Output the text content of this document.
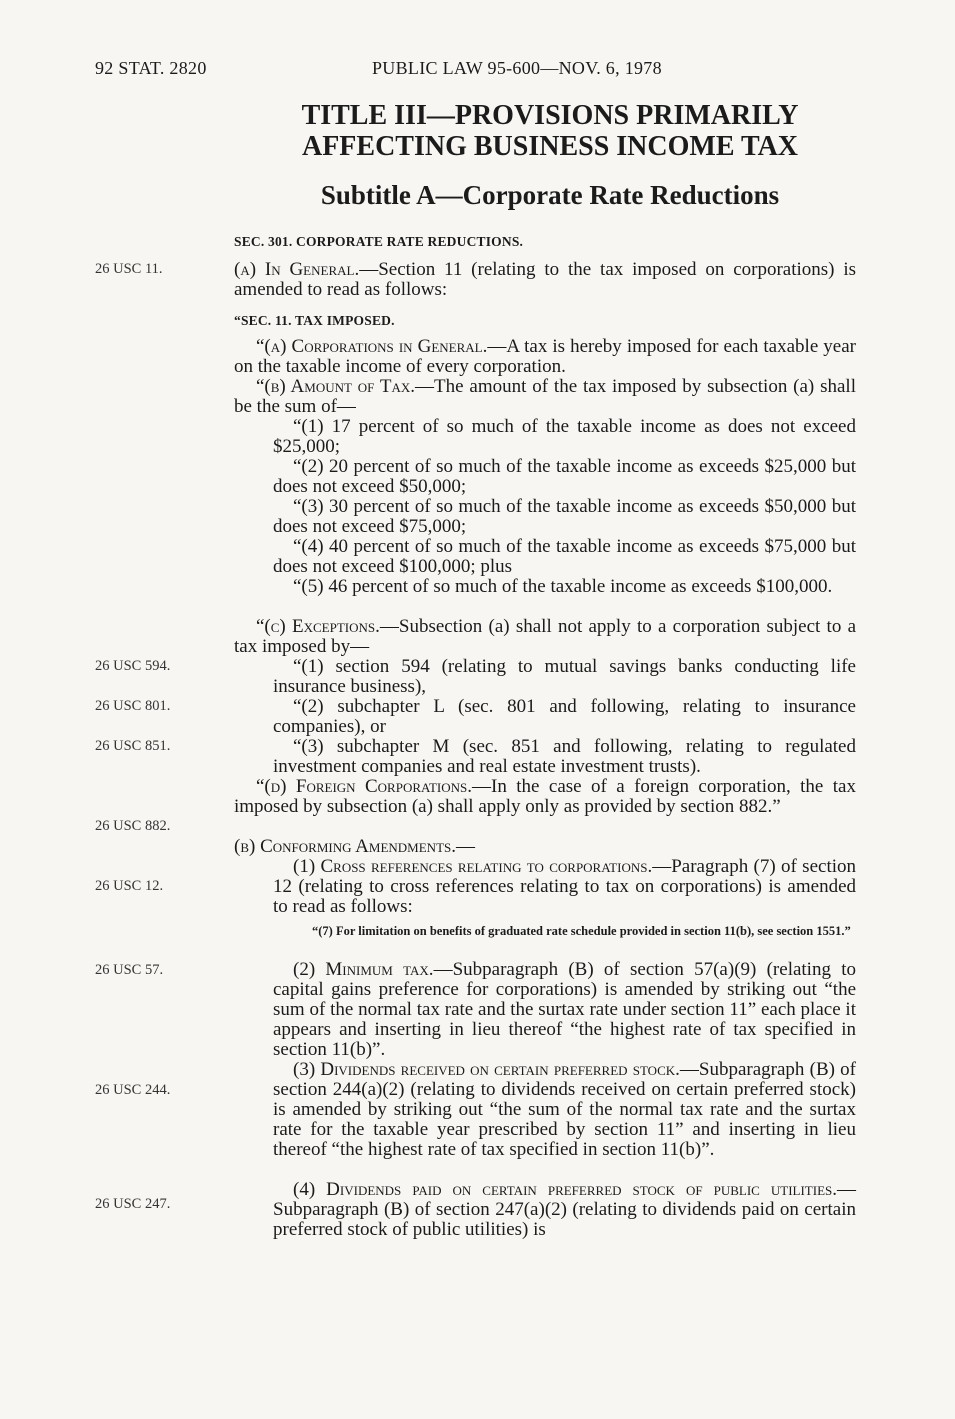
92 STAT. 2820	PUBLIC LAW 95-600—NOV. 6, 1978
TITLE III—PROVISIONS PRIMARILY
AFFECTING BUSINESS INCOME TAX
Subtitle A—Corporate Rate Reductions
SEC. 301. CORPORATE RATE REDUCTIONS.
26 USC 11.
26 USC 594.
26 USC 801.
26 USC 851.
26 USC 882.
26 USC 12.
26 USC 57.
26 USC 244.
26 USC 247.
(a) In General.—Section 11 (relating to the tax imposed on corporations) is amended to read as follows:
“SEC. 11. TAX IMPOSED.
“(a) Corporations in General.—A tax is hereby imposed for each taxable year on the taxable income of every corporation.
“(b) Amount of Tax.—The amount of the tax imposed by subsection (a) shall be the sum of—
“(1) 17 percent of so much of the taxable income as does not exceed $25,000;
“(2) 20 percent of so much of the taxable income as exceeds $25,000 but does not exceed $50,000;
“(3) 30 percent of so much of the taxable income as exceeds $50,000 but does not exceed $75,000;
“(4) 40 percent of so much of the taxable income as exceeds $75,000 but does not exceed $100,000; plus
“(5) 46 percent of so much of the taxable income as exceeds $100,000.
“(c) Exceptions.—Subsection (a) shall not apply to a corporation subject to a tax imposed by—
“(1) section 594 (relating to mutual savings banks conducting life insurance business),
“(2) subchapter L (sec. 801 and following, relating to insurance companies), or
“(3) subchapter M (sec. 851 and following, relating to regulated investment companies and real estate investment trusts).
“(d) Foreign Corporations.—In the case of a foreign corporation, the tax imposed by subsection (a) shall apply only as provided by section 882.”
(b) Conforming Amendments.—
(1) Cross references relating to corporations.—Paragraph (7) of section 12 (relating to cross references relating to tax on corporations) is amended to read as follows:
“(7) For limitation on benefits of graduated rate schedule provided in section 11(b), see section 1551.”
(2) Minimum tax.—Subparagraph (B) of section 57(a)(9) (relating to capital gains preference for corporations) is amended by striking out “the sum of the normal tax rate and the surtax rate under section 11” each place it appears and inserting in lieu thereof “the highest rate of tax specified in section 11(b)”.
(3) Dividends received on certain preferred stock.—Subparagraph (B) of section 244(a)(2) (relating to dividends received on certain preferred stock) is amended by striking out “the sum of the normal tax rate and the surtax rate for the taxable year prescribed by section 11” and inserting in lieu thereof “the highest rate of tax specified in section 11(b)”.
(4) Dividends paid on certain preferred stock of public utilities.—Subparagraph (B) of section 247(a)(2) (relating to dividends paid on certain preferred stock of public utilities) is
